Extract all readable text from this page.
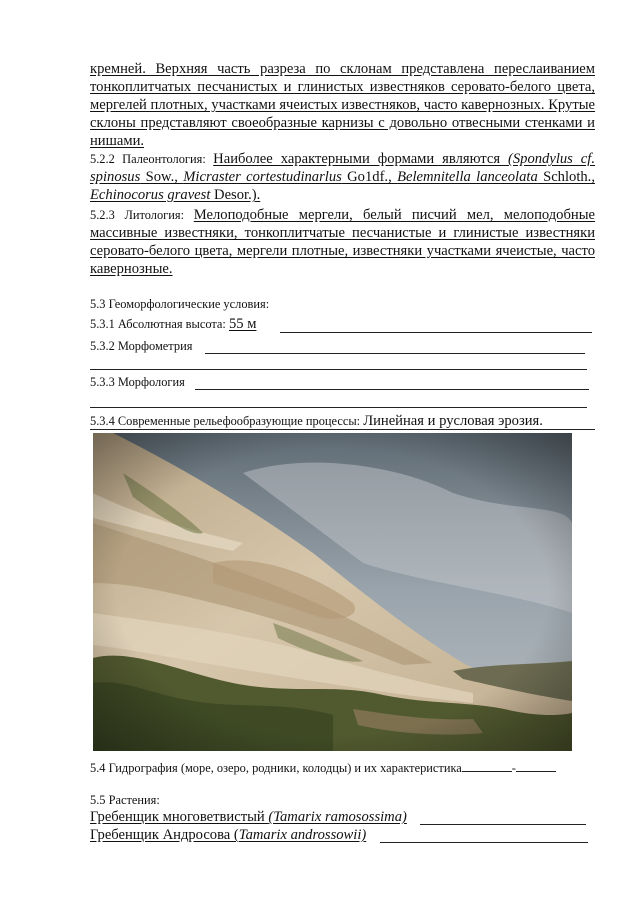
кремней. Верхняя часть разреза по склонам представлена переслаиванием тонкоплитчатых песчанистых и глинистых известняков серовато-белого цвета, мергелей плотных, участками ячеистых известняков, часто кавернозных. Крутые склоны представляют своеобразные карнизы с довольно отвесными стенками и нишами.
5.2.2 Палеонтология: Наиболее характерными формами являются (Spondylus cf. spinosus Sow., Micraster cortestudinarlus Go1df., Belemnitella lanceolata Schloth., Echinocorus gravest Desor.).
5.2.3 Литология: Мелоподобные мергели, белый писчий мел, мелоподобные массивные известняки, тонкоплитчатые песчанистые и глинистые известняки серовато-белого цвета, мергели плотные, известняки участками ячеистые, часто кавернозные.
5.3 Геоморфологические условия:
5.3.1 Абсолютная высота: 55 м
5.3.2 Морфометрия
5.3.3 Морфология
5.3.4 Современные рельефообразующие процессы: Линейная и русловая эрозия.
5.4 Гидрография (море, озеро, родники, колодцы) и их характеристика	-
5.5 Растения:
Гребенщик многоветвистый (Tamarix ramosossima)
Гребенщик Андросова (Tamarix androssowii)
